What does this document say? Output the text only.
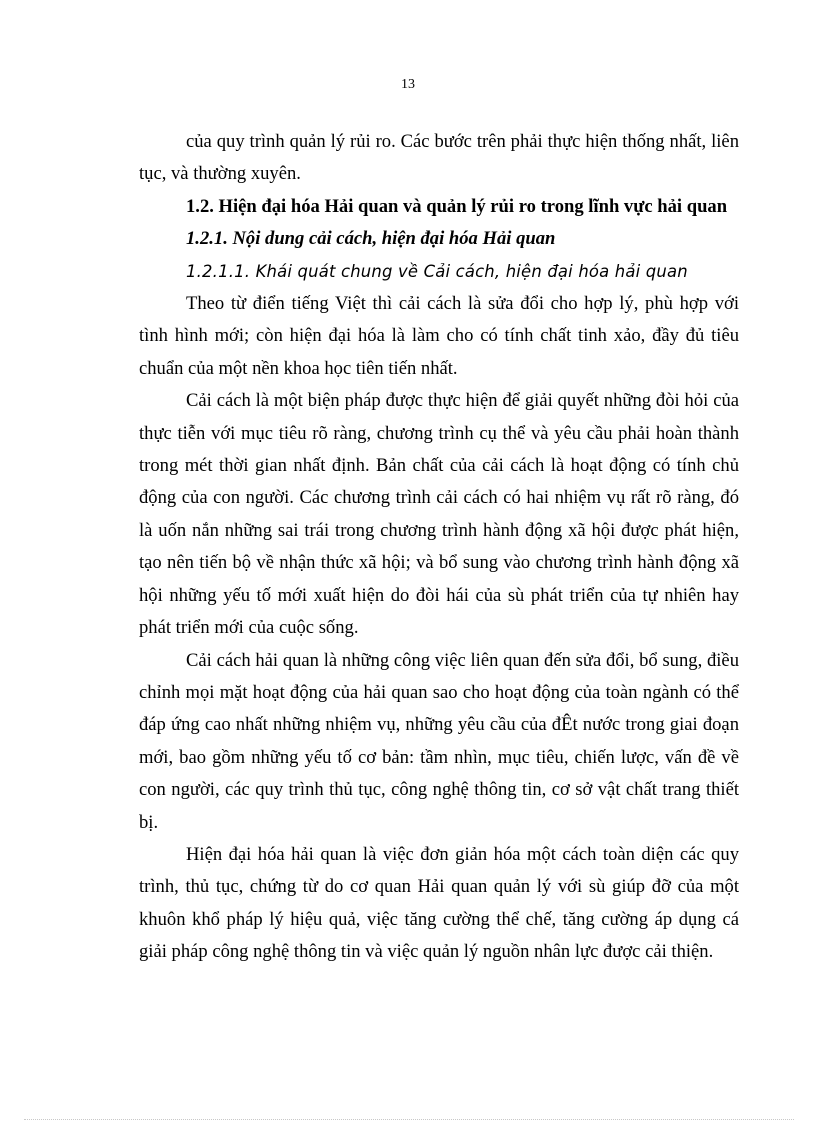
13

của quy trình quản lý rủi ro. Các bước trên phải thực hiện thống nhất, liên tục, và thường xuyên.

1.2. Hiện đại hóa Hải quan và quản lý rủi ro trong lĩnh vực hải quan

1.2.1. Nội dung cải cách, hiện đại hóa Hải quan

1.2.1.1. Khái quát chung về Cải cách, hiện đại hóa hải quan

Theo từ điển tiếng Việt thì cải cách là sửa đổi cho hợp lý, phù hợp với tình hình mới; còn hiện đại hóa là làm cho có tính chất tinh xảo, đầy đủ tiêu chuẩn của một nền khoa học tiên tiến nhất.

Cải cách là một biện pháp được thực hiện để giải quyết những đòi hỏi của thực tiễn với mục tiêu rõ ràng, chương trình cụ thể và yêu cầu phải hoàn thành trong mét thời gian nhất định. Bản chất của cải cách là hoạt động có tính chủ động của con người. Các chương trình cải cách có hai nhiệm vụ rất rõ ràng, đó là uốn nắn những sai trái trong chương trình hành động xã hội được phát hiện, tạo nên tiến bộ về nhận thức xã hội; và bổ sung vào chương trình hành động xã hội những yếu tố mới xuất hiện do đòi hái của sù phát triển của tự nhiên hay phát triển mới của cuộc sống.

Cải cách hải quan là những công việc liên quan đến sửa đổi, bổ sung, điều chỉnh mọi mặt hoạt động của hải quan sao cho hoạt động của toàn ngành có thể đáp ứng cao nhất những nhiệm vụ, những yêu cầu của đÊt nước trong giai đoạn mới, bao gồm những yếu tố cơ bản: tầm nhìn, mục tiêu, chiến lược, vấn đề về con người, các quy trình thủ tục, công nghệ thông tin, cơ sở vật chất trang thiết bị.

Hiện đại hóa hải quan là việc đơn giản hóa một cách toàn diện các quy trình, thủ tục, chứng từ do cơ quan Hải quan quản lý với sù giúp đỡ của một khuôn khổ pháp lý hiệu quả, việc tăng cường thể chế, tăng cường áp dụng cá giải pháp công nghệ thông tin và việc quản lý nguồn nhân lực được cải thiện.
